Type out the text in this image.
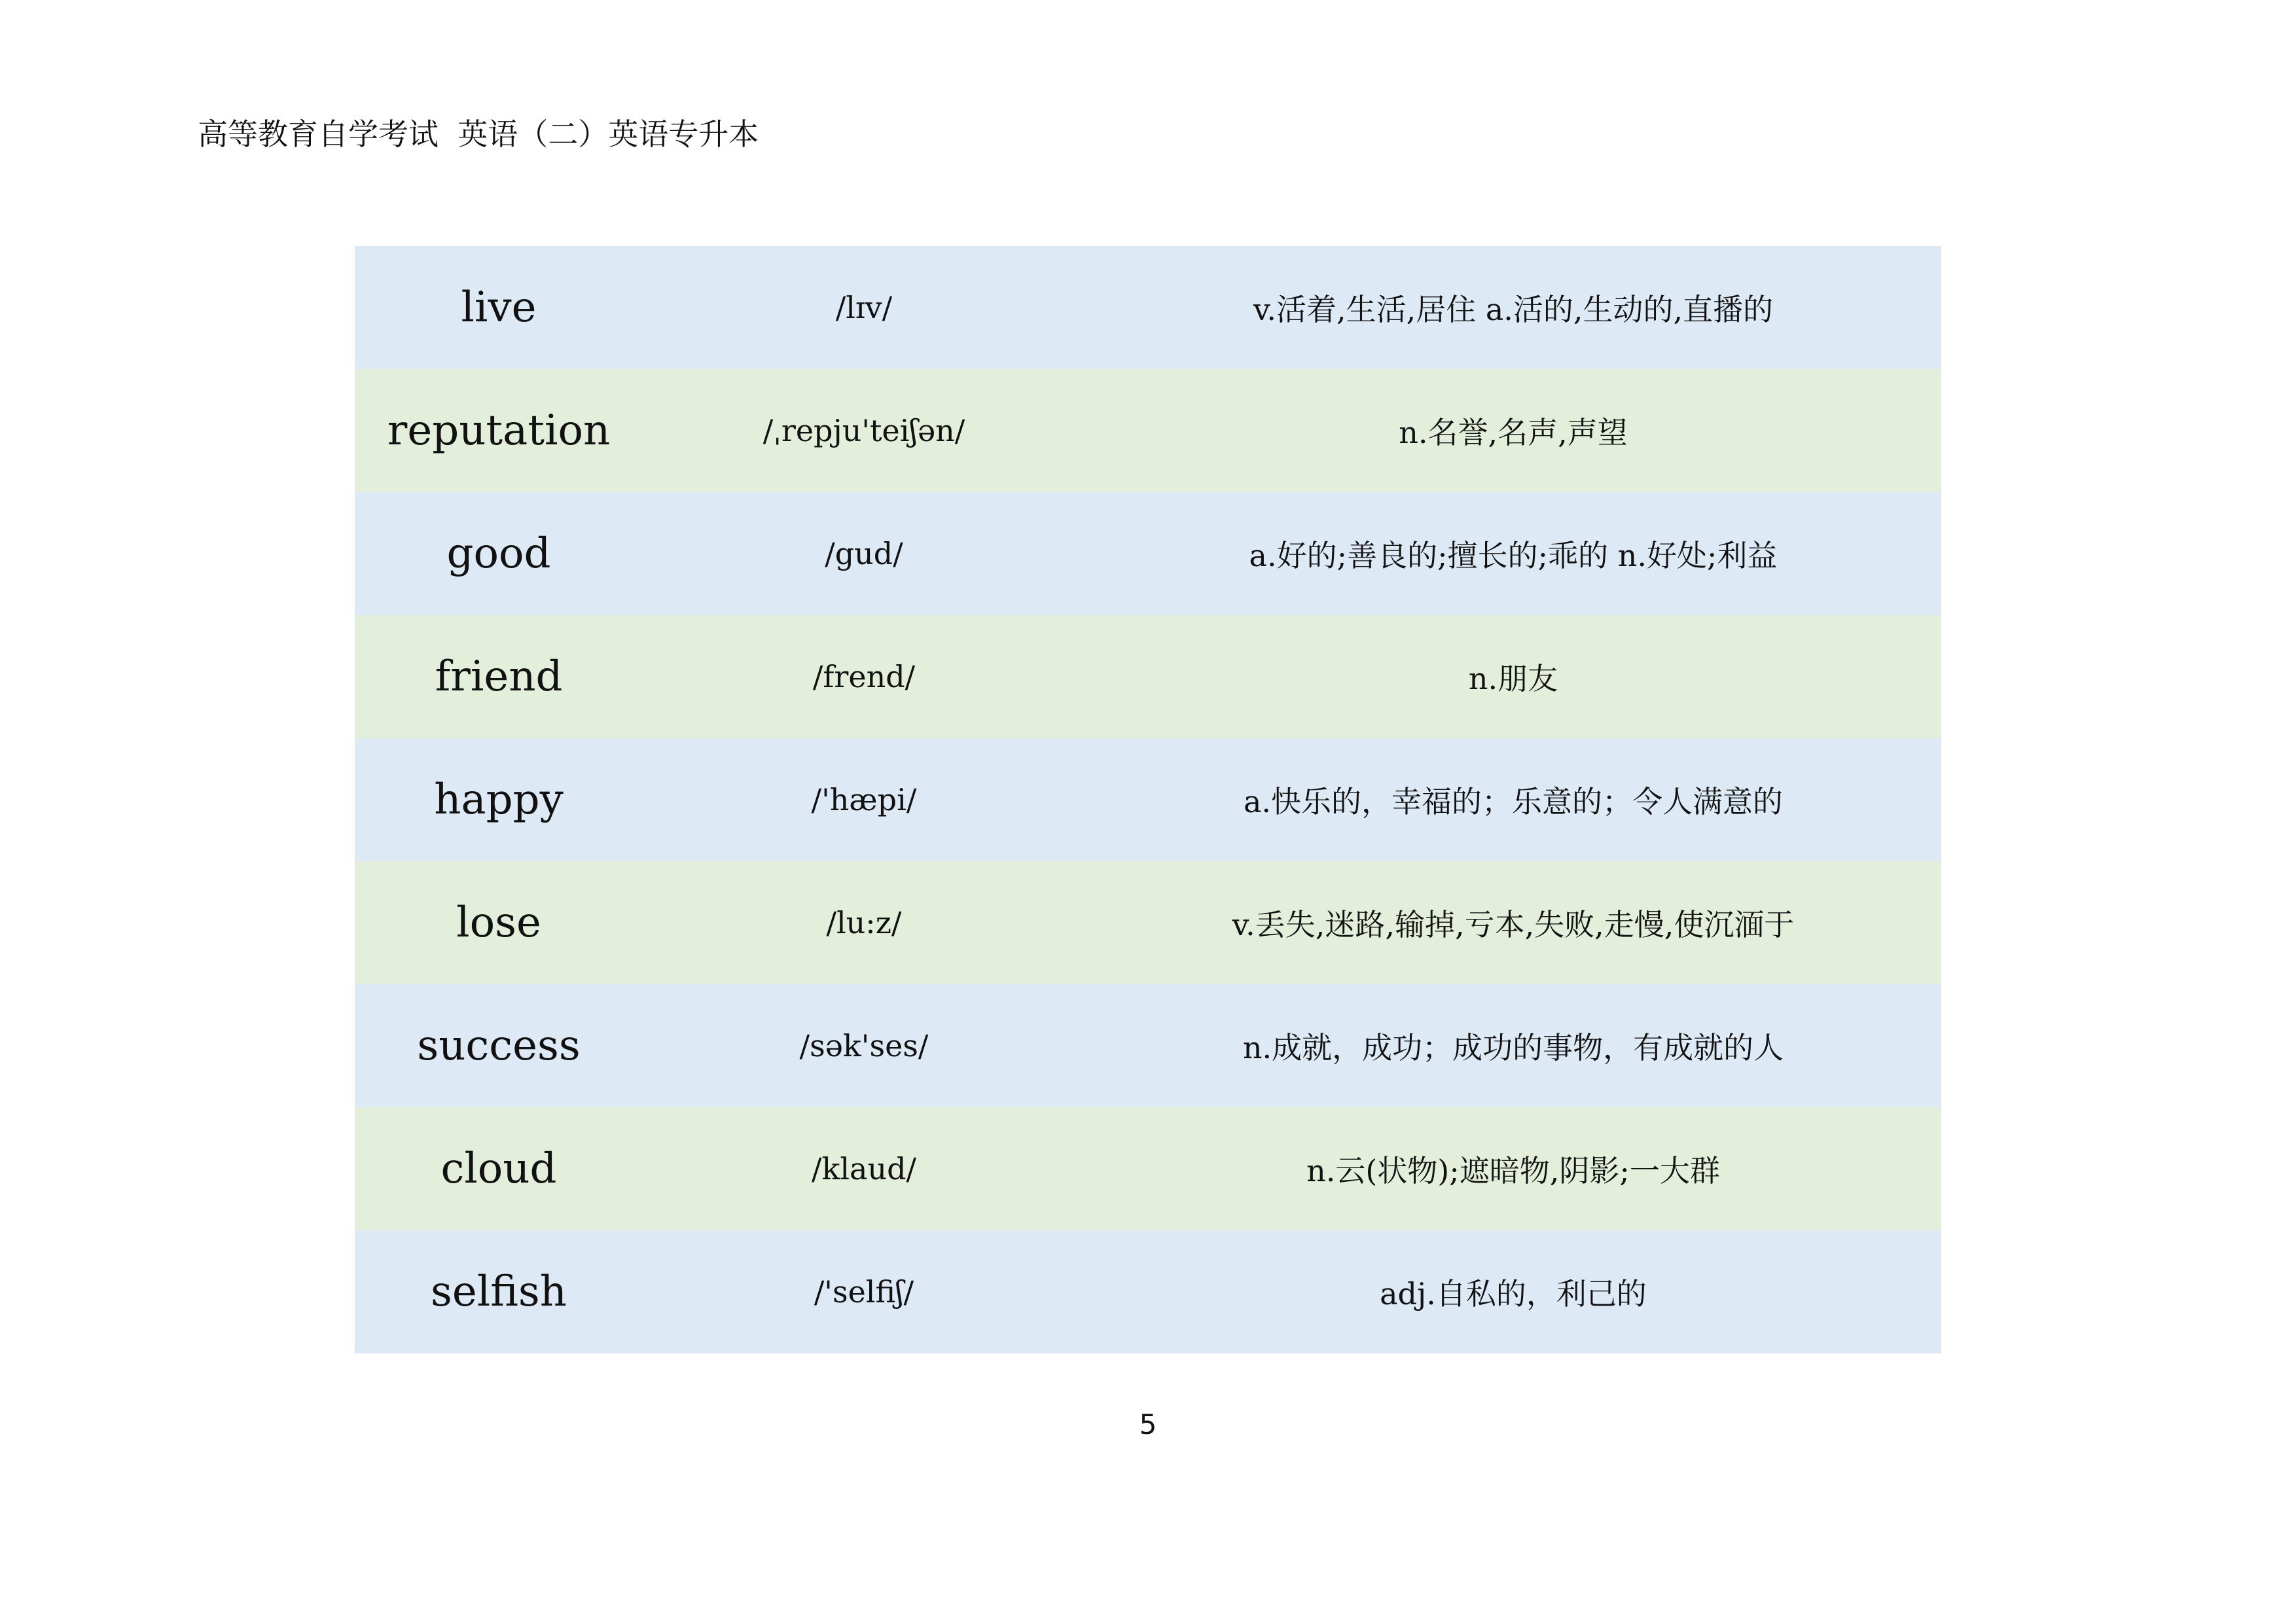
高等教育自学考试  英语（二）英语专升本
live	/lɪv/	v.活着,生活,居住 a.活的,生动的,直播的
reputation	/ˌrepju'teiʃən/	n.名誉,名声,声望
good	/gud/	a.好的;善良的;擅长的;乖的 n.好处;利益
friend	/frend/	n.朋友
happy	/'hæpi/	a.快乐的，幸福的；乐意的；令人满意的
lose	/lu:z/	v.丢失,迷路,输掉,亏本,失败,走慢,使沉湎于
success	/sək'ses/	n.成就，成功；成功的事物，有成就的人
cloud	/klaud/	n.云(状物);遮暗物,阴影;一大群
selfish	/'selfiʃ/	adj.自私的，利己的
5
